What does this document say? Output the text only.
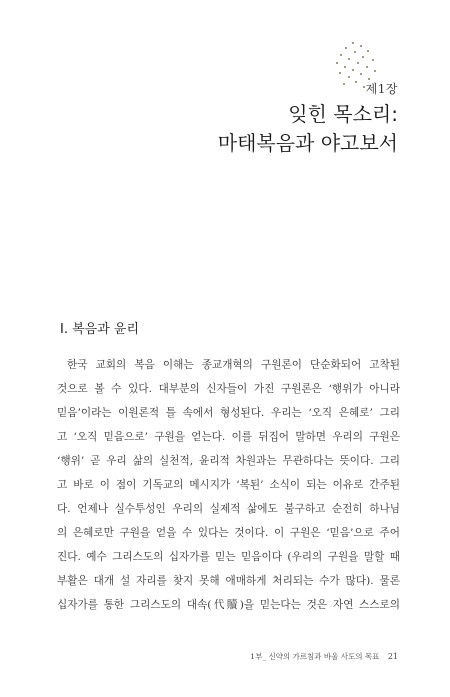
제1장
잊힌 목소리:
마태복음과 야고보서
I. 복음과 윤리
한국 교회의 복음 이해는 종교개혁의 구원론이 단순화되어 고착된
것으로 볼 수 있다. 대부분의 신자들이 가진 구원론은 ‘행위가 아니라
믿음’이라는 이원론적 틀 속에서 형성된다. 우리는 ‘오직 은혜로’ 그리
고 ‘오직 믿음으로’ 구원을 얻는다. 이를 뒤집어 말하면 우리의 구원은
‘행위’ 곧 우리 삶의 실천적, 윤리적 차원과는 무관하다는 뜻이다. 그리
고 바로 이 점이 기독교의 메시지가 ‘복된’ 소식이 되는 이유로 간주된
다. 언제나 실수투성인 우리의 실제적 삶에도 불구하고 순전히 하나님
의 은혜로만 구원을 얻을 수 있다는 것이다. 이 구원은 ‘믿음’으로 주어
진다. 예수 그리스도의 십자가를 믿는 믿음이다 (우리의 구원을 말할 때
부활은 대개 설 자리를 찾지 못해 애매하게 처리되는 수가 많다). 물론
십자가를 통한 그리스도의 대속(代贖)을 믿는다는 것은 자연 스스로의
1부_ 신약의 가르침과 바울 사도의 목표 21
